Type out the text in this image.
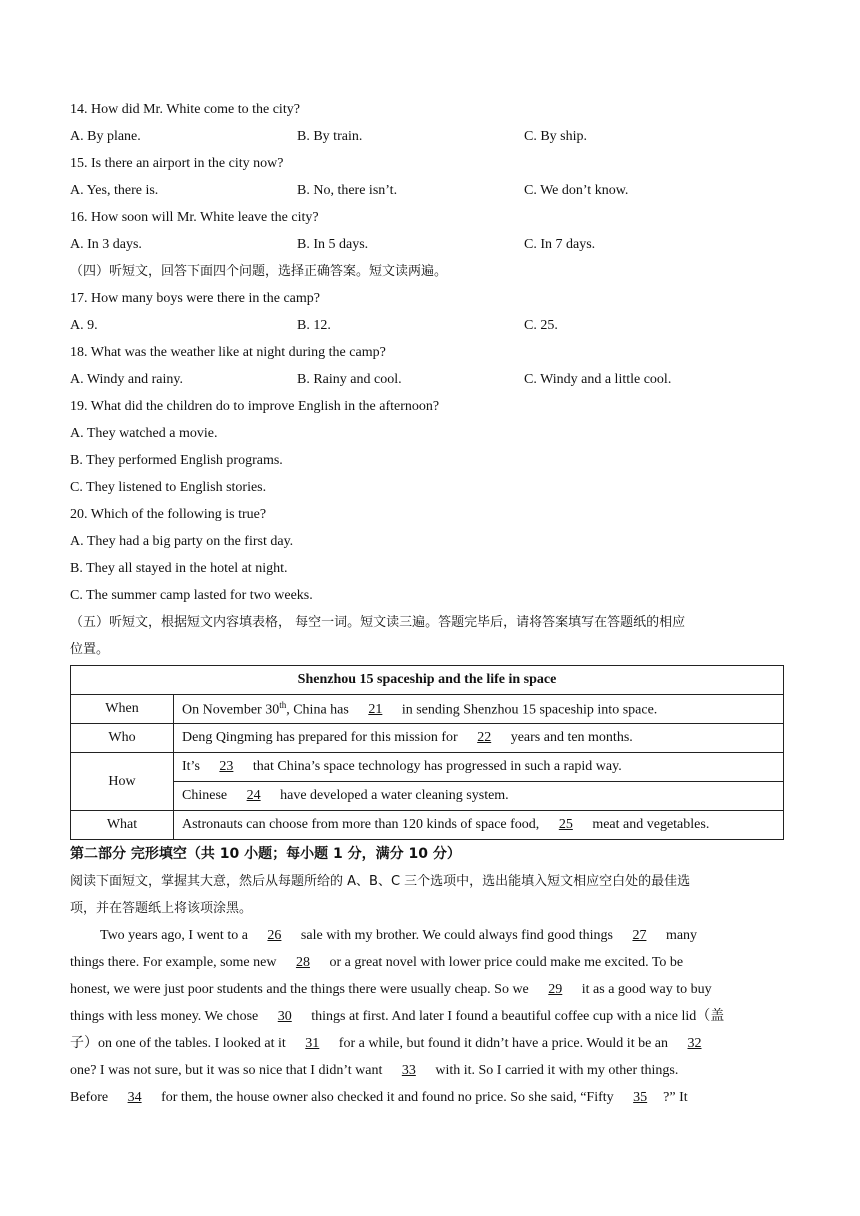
14. How did Mr. White come to the city?
A. By plane.	B. By train.	C. By ship.
15. Is there an airport in the city now?
A. Yes, there is.	B. No, there isn’t.	C. We don’t know.
16. How soon will Mr. White leave the city?
A. In 3 days.	B. In 5 days.	C. In 7 days.
（四）听短文，回答下面四个问题，选择正确答案。短文读两遍。
17. How many boys were there in the camp?
A. 9.	B. 12.	C. 25.
18. What was the weather like at night during the camp?
A. Windy and rainy.	B. Rainy and cool.	C. Windy and a little cool.
19. What did the children do to improve English in the afternoon?
A. They watched a movie.
B. They performed English programs.
C. They listened to English stories.
20. Which of the following is true?
A. They had a big party on the first day.
B. They all stayed in the hotel at night.
C. The summer camp lasted for two weeks.
（五）听短文，根据短文内容填表格， 每空一词。短文读三遍。答题完毕后，请将答案填写在答题纸的相应
位置。
Shenzhou 15 spaceship and the life in space	
When	On November 30th, China has 21 in sending Shenzhou 15 spaceship into space.
Who	Deng Qingming has prepared for this mission for 22 years and ten months.
How	It’s 23 that China’s space technology has progressed in such a rapid way.
	Chinese 24 have developed a water cleaning system.
What	Astronauts can choose from more than 120 kinds of space food, 25 meat and vegetables.
第二部分 完形填空（共 10 小题；每小题 1 分，满分 10 分）
阅读下面短文，掌握其大意，然后从每题所给的 A、B、C 三个选项中，选出能填入短文相应空白处的最佳选
项，并在答题纸上将该项涂黑。
Two years ago, I went to a 26 sale with my brother. We could always find good things 27 many
things there. For example, some new 28 or a great novel with lower price could make me excited. To be
honest, we were just poor students and the things there were usually cheap. So we 29 it as a good way to buy
things with less money. We chose 30 things at first. And later I found a beautiful coffee cup with a nice lid（盖
子）on one of the tables. I looked at it 31 for a while, but found it didn’t have a price. Would it be an 32
one? I was not sure, but it was so nice that I didn’t want 33 with it. So I carried it with my other things.
Before 34 for them, the house owner also checked it and found no price. So she said, “Fifty 35 ?” It
